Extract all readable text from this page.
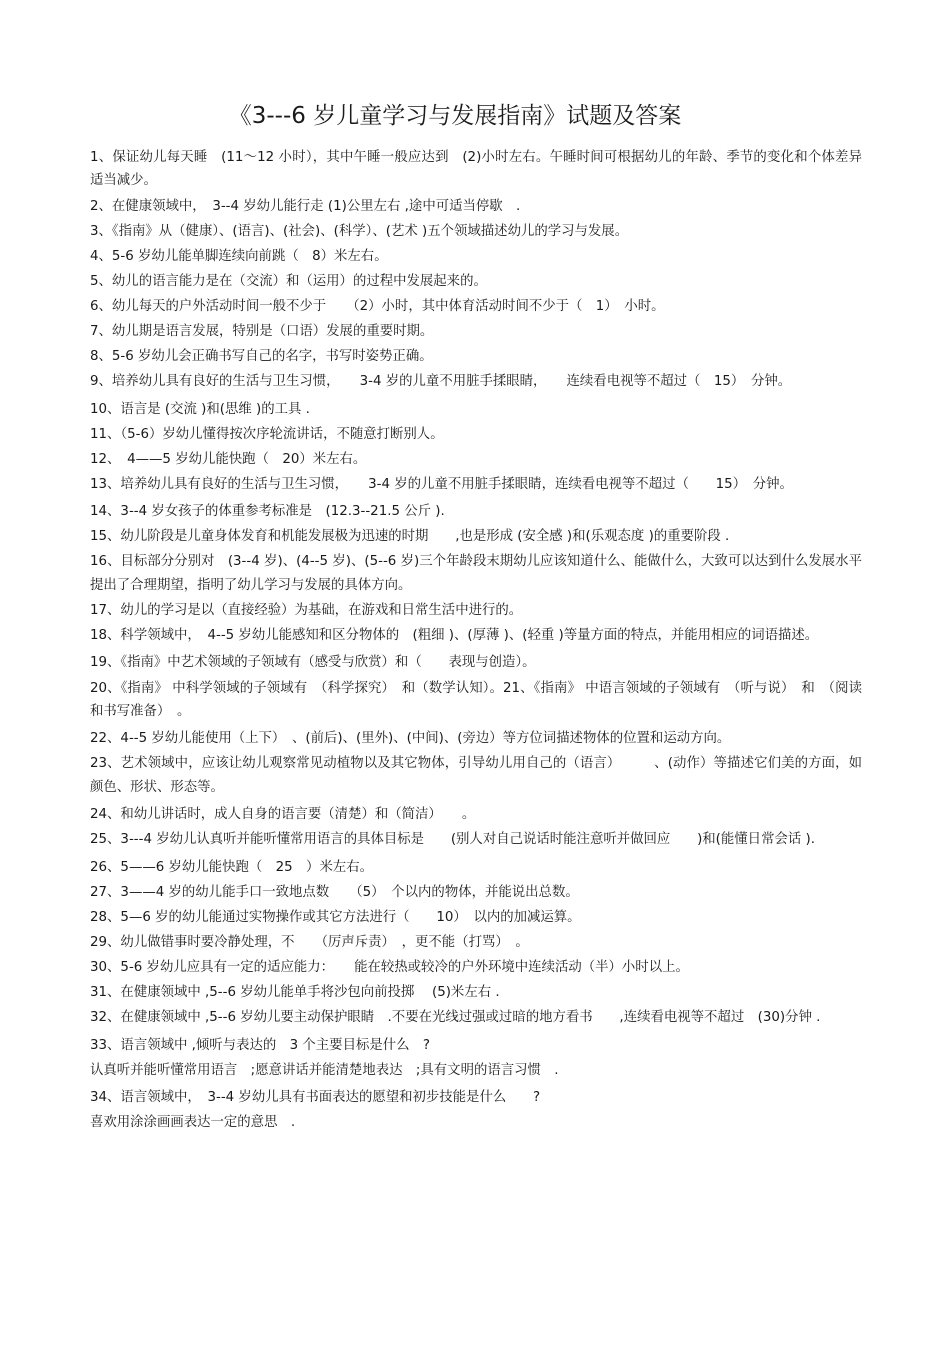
《3---6 岁儿童学习与发展指南》试题及答案

1、保证幼儿每天睡　(11～12 小时），其中午睡一般应达到　(2)小时左右。午睡时间可根据幼儿的年龄、季节的变化和个体差异适当减少。

2、在健康领域中，　3--4 岁幼儿能行走 (1)公里左右 ,途中可适当停歇　.

3、《指南》从（健康）、(语言)、(社会)、(科学）、(艺术 )五个领域描述幼儿的学习与发展。

4、5-6 岁幼儿能单脚连续向前跳（　8）米左右。

5、幼儿的语言能力是在（交流）和（运用）的过程中发展起来的。

6、幼儿每天的户外活动时间一般不少于　　（2）小时，其中体育活动时间不少于（　1）　小时。

7、幼儿期是语言发展，特别是（口语）发展的重要时期。

8、5-6 岁幼儿会正确书写自己的名字，书写时姿势正确。

9、培养幼儿具有良好的生活与卫生习惯，　　3-4 岁的儿童不用脏手揉眼睛，　　连续看电视等不超过（　15）　分钟。

10、语言是 (交流 )和(思维 )的工具 .

11、（5-6）岁幼儿懂得按次序轮流讲话，不随意打断别人。

12、　4——5 岁幼儿能快跑（　20）米左右。

13、培养幼儿具有良好的生活与卫生习惯，　　3-4 岁的儿童不用脏手揉眼睛，连续看电视等不超过（　　15）　分钟。

14、3--4 岁女孩子的体重参考标准是　(12.3--21.5 公斤 ).

15、幼儿阶段是儿童身体发育和机能发展极为迅速的时期　　,也是形成 (安全感 )和(乐观态度 )的重要阶段 .

16、目标部分分别对　(3--4 岁)、(4--5 岁)、(5--6 岁)三个年龄段末期幼儿应该知道什么、能做什么，大致可以达到什么发展水平提出了合理期望，指明了幼儿学习与发展的具体方向。

17、幼儿的学习是以（直接经验）为基础，在游戏和日常生活中进行的。

18、科学领域中，　4--5 岁幼儿能感知和区分物体的　(粗细 )、(厚薄 )、(轻重 )等量方面的特点，并能用相应的词语描述。

19、《指南》中艺术领域的子领域有（感受与欣赏）和（　　表现与创造）。

20、《指南》 中科学领域的子领域有　（科学探究）　和（数学认知）。21、《指南》 中语言领域的子领域有　（听与说）　和　（阅读和书写准备）　。

22、4--5 岁幼儿能使用（上下）　、(前后)、(里外)、(中间)、(旁边）等方位词描述物体的位置和运动方向。

23、艺术领域中，应该让幼儿观察常见动植物以及其它物体，引导幼儿用自己的（语言）　　　、(动作）等描述它们美的方面，如颜色、形状、形态等。

24、和幼儿讲话时，成人自身的语言要（清楚）和（简洁）　　。

25、3---4 岁幼儿认真听并能听懂常用语言的具体目标是　　(别人对自己说话时能注意听并做回应　　)和(能懂日常会话 ).

26、5——6 岁幼儿能快跑（　25　）米左右。

27、3——4 岁的幼儿能手口一致地点数　　（5）　个以内的物体，并能说出总数。

28、5—6 岁的幼儿能通过实物操作或其它方法进行（　　10）　以内的加减运算。

29、幼儿做错事时要冷静处理，不　　（厉声斥责）　，更不能（打骂）　。

30、5-6 岁幼儿应具有一定的适应能力：　　能在较热或较冷的户外环境中连续活动（半）小时以上。

31、在健康领域中 ,5--6 岁幼儿能单手将沙包向前投掷　 (5)米左右 .

32、在健康领域中 ,5--6 岁幼儿要主动保护眼睛　.不要在光线过强或过暗的地方看书　　,连续看电视等不超过　(30)分钟 .

33、语言领域中 ,倾听与表达的　3 个主要目标是什么　?

认真听并能听懂常用语言　;愿意讲话并能清楚地表达　;具有文明的语言习惯　.

34、语言领域中，　3--4 岁幼儿具有书面表达的愿望和初步技能是什么　　?

喜欢用涂涂画画表达一定的意思　.
